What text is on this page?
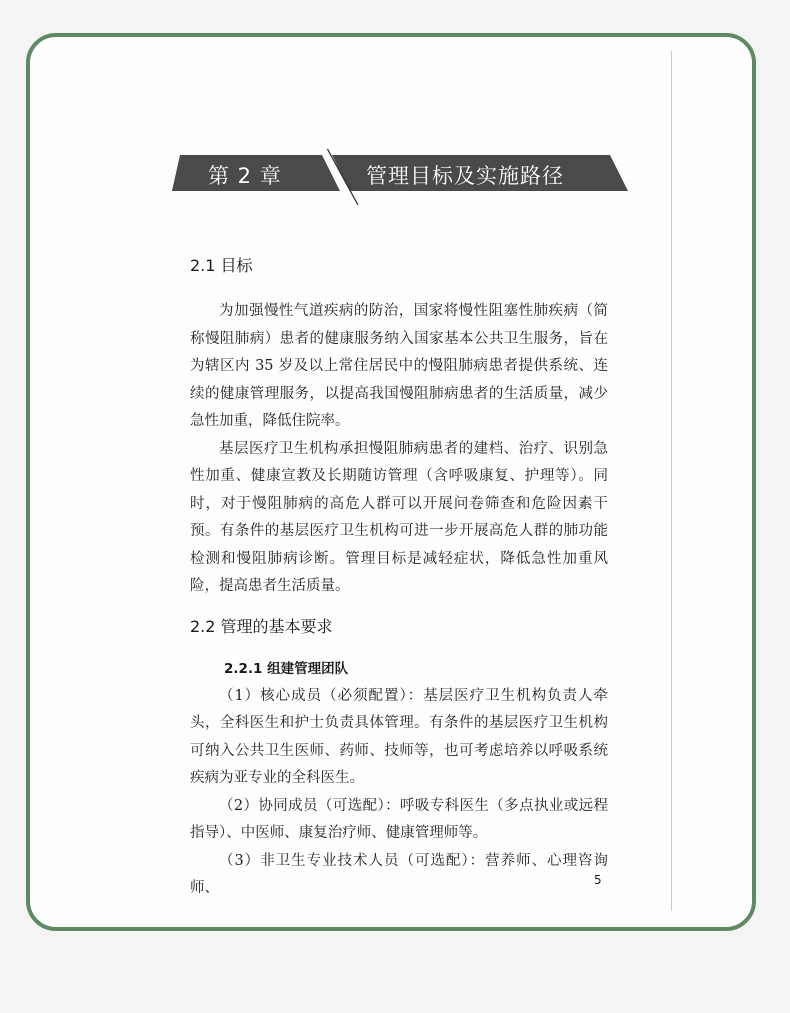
第 2 章	管理目标及实施路径
2.1 目标

为加强慢性气道疾病的防治，国家将慢性阻塞性肺疾病（简称慢阻肺病）患者的健康服务纳入国家基本公共卫生服务，旨在为辖区内 35 岁及以上常住居民中的慢阻肺病患者提供系统、连续的健康管理服务，以提高我国慢阻肺病患者的生活质量，减少急性加重，降低住院率。

基层医疗卫生机构承担慢阻肺病患者的建档、治疗、识别急性加重、健康宣教及长期随访管理（含呼吸康复、护理等）。同时，对于慢阻肺病的高危人群可以开展问卷筛查和危险因素干预。有条件的基层医疗卫生机构可进一步开展高危人群的肺功能检测和慢阻肺病诊断。管理目标是减轻症状，降低急性加重风险，提高患者生活质量。

2.2 管理的基本要求
2.2.1 组建管理团队

（1）核心成员（必须配置）：基层医疗卫生机构负责人牵头，全科医生和护士负责具体管理。有条件的基层医疗卫生机构可纳入公共卫生医师、药师、技师等，也可考虑培养以呼吸系统疾病为亚专业的全科医生。

（2）协同成员（可选配）：呼吸专科医生（多点执业或远程指导）、中医师、康复治疗师、健康管理师等。

（3）非卫生专业技术人员（可选配）：营养师、心理咨询师、	5
